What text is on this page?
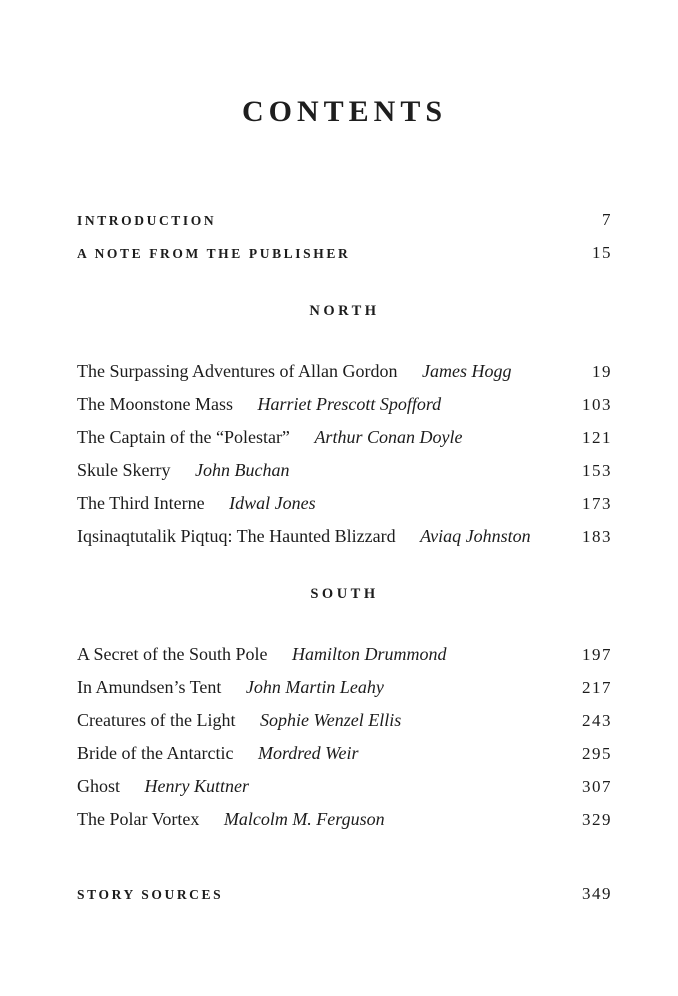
CONTENTS
INTRODUCTION	7
A NOTE FROM THE PUBLISHER	15
NORTH
The Surpassing Adventures of Allan Gordon James Hogg	19
The Moonstone Mass Harriet Prescott Spofford	103
The Captain of the “Polestar” Arthur Conan Doyle	121
Skule Skerry John Buchan	153
The Third Interne Idwal Jones	173
Iqsinaqtutalik Piqtuq: The Haunted Blizzard Aviaq Johnston	183
SOUTH
A Secret of the South Pole Hamilton Drummond	197
In Amundsen’s Tent John Martin Leahy	217
Creatures of the Light Sophie Wenzel Ellis	243
Bride of the Antarctic Mordred Weir	295
Ghost Henry Kuttner	307
The Polar Vortex Malcolm M. Ferguson	329
STORY SOURCES	349
